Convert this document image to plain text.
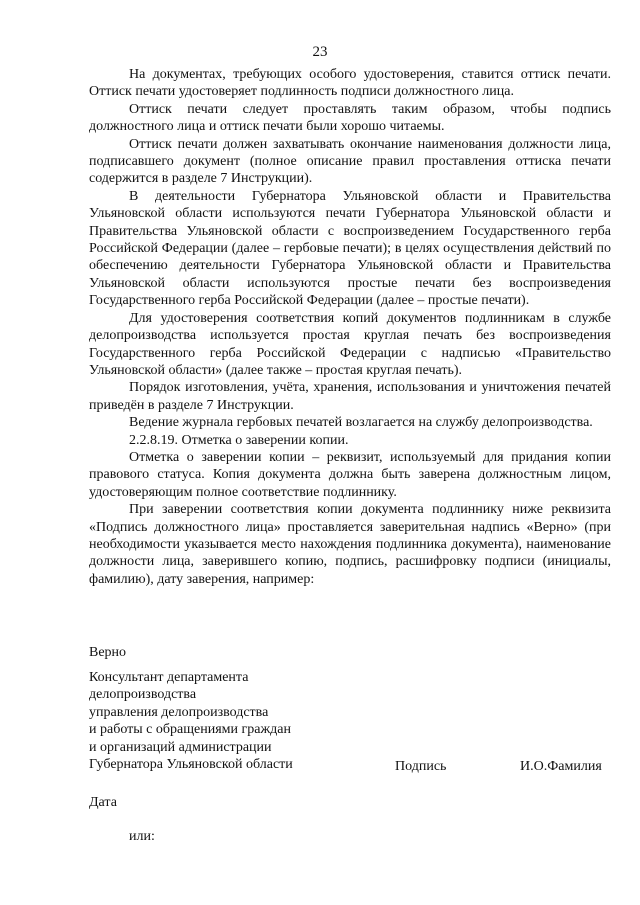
23

На документах, требующих особого удостоверения, ставится оттиск печати. Оттиск печати удостоверяет подлинность подписи должностного лица.

Оттиск печати следует проставлять таким образом, чтобы подпись должностного лица и оттиск печати были хорошо читаемы.

Оттиск печати должен захватывать окончание наименования должности лица, подписавшего документ (полное описание правил проставления оттиска печати содержится в разделе 7 Инструкции).

В деятельности Губернатора Ульяновской области и Правительства Ульяновской области используются печати Губернатора Ульяновской области и Правительства Ульяновской области с воспроизведением Государственного герба Российской Федерации (далее – гербовые печати); в целях осуществления действий по обеспечению деятельности Губернатора Ульяновской области и Правительства Ульяновской области используются простые печати без воспроизведения Государственного герба Российской Федерации (далее – простые печати).

Для удостоверения соответствия копий документов подлинникам в службе делопроизводства используется простая круглая печать без воспроизведения Государственного герба Российской Федерации с надписью «Правительство Ульяновской области» (далее также – простая круглая печать).

Порядок изготовления, учёта, хранения, использования и уничтожения печатей приведён в разделе 7 Инструкции.

Ведение журнала гербовых печатей возлагается на службу делопроизводства.

2.2.8.19. Отметка о заверении копии.

Отметка о заверении копии – реквизит, используемый для придания копии правового статуса. Копия документа должна быть заверена должностным лицом, удостоверяющим полное соответствие подлиннику.

При заверении соответствия копии документа подлиннику ниже реквизита «Подпись должностного лица» проставляется заверительная надпись «Верно» (при необходимости указывается место нахождения подлинника документа), наименование должности лица, заверившего копию, подпись, расшифровку подписи (инициалы, фамилию), дату заверения, например:

Верно
Консультант департамента
делопроизводства
управления делопроизводства
и работы с обращениями граждан
и организаций администрации
Губернатора Ульяновской области	Подпись	И.О.Фамилия
Дата
или:
